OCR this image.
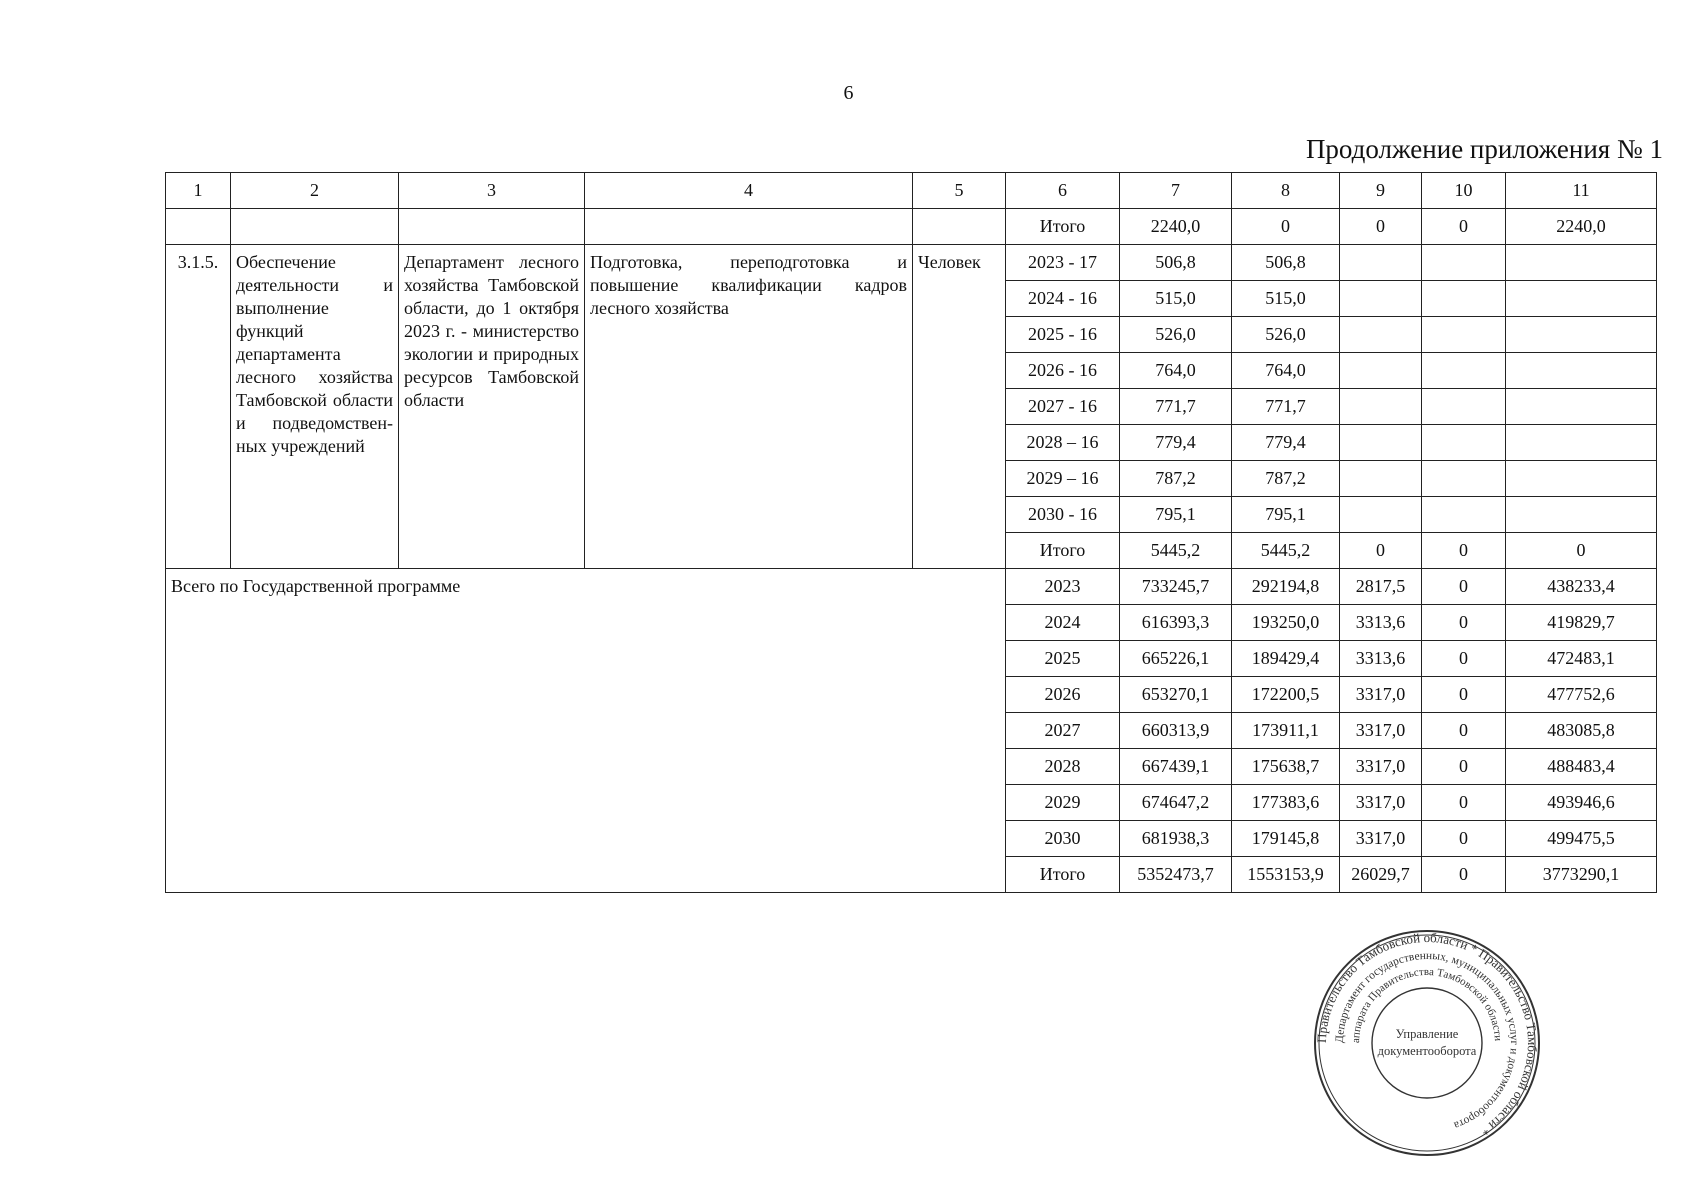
6
Продолжение приложения № 1
1	2	3	4	5	6	7	8	9	10	11
					Итого	2240,0	0	0	0	2240,0
3.1.5.	Обеспечение деятельности и выполнение функций департамента лесного хозяйства Тамбовской области и подведомствен-ных учреждений	Департамент лесного хозяйства Тамбовской области, до 1 октября 2023 г. - министерство экологии и природных ресурсов Тамбовской области	Подготовка, переподготовка и повышение квалификации кадров лесного хозяйства	Человек	2023 - 17	506,8	506,8			
					2024 - 16	515,0	515,0			
					2025 - 16	526,0	526,0			
					2026 - 16	764,0	764,0			
					2027 - 16	771,7	771,7			
					2028 – 16	779,4	779,4			
					2029 – 16	787,2	787,2			
					2030 - 16	795,1	795,1			
					Итого	5445,2	5445,2	0	0	0
Всего по Государственной программе					2023	733245,7	292194,8	2817,5	0	438233,4
					2024	616393,3	193250,0	3313,6	0	419829,7
					2025	665226,1	189429,4	3313,6	0	472483,1
					2026	653270,1	172200,5	3317,0	0	477752,6
					2027	660313,9	173911,1	3317,0	0	483085,8
					2028	667439,1	175638,7	3317,0	0	488483,4
					2029	674647,2	177383,6	3317,0	0	493946,6
					2030	681938,3	179145,8	3317,0	0	499475,5
					Итого	5352473,7	1553153,9	26029,7	0	3773290,1
Правительство Тамбовской области * Правительство Тамбовской области *
Департамент государственных, муниципальных услуг и документооборота
аппарата Правительства Тамбовской области
Управление
документооборота
